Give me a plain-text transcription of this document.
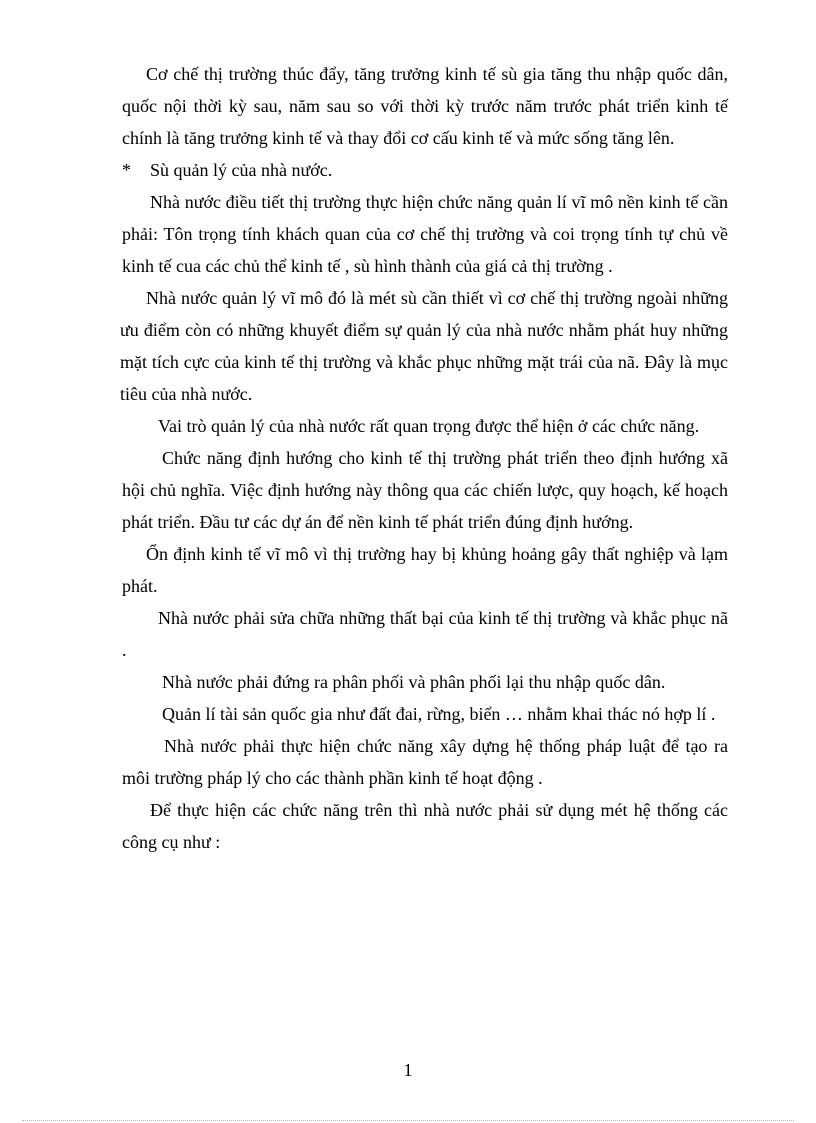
Cơ chế thị trường thúc đẩy, tăng trưởng kinh tế sù gia tăng thu nhập quốc dân, quốc nội thời kỳ sau, năm sau so với thời kỳ trước năm trước phát triển kinh tế chính là tăng trưởng kinh tế và thay đổi cơ cấu kinh tế và mức sống tăng lên.

*	Sù quản lý của nhà nước.

Nhà nước điều tiết thị trường thực hiện chức năng quản lí vĩ mô nền kinh tế cần phải: Tôn trọng tính khách quan của cơ chế thị trường và coi trọng tính tự chủ về kinh tế cua các chủ thể kinh tế , sù hình thành của giá cả thị trường .

Nhà nước quản lý vĩ mô đó là mét sù cần thiết vì cơ chế thị trường ngoài những ưu điểm còn có những khuyết điểm sự quản lý của nhà nước nhằm phát huy những mặt tích cực của kinh tế thị trường và khắc phục những mặt trái của nã. Đây là mục tiêu của nhà nước.

Vai trò quản lý của nhà nước rất quan trọng được thể hiện ở các chức năng.

Chức năng định hướng cho kinh tế thị trường phát triển theo định hướng xã hội chủ nghĩa. Việc định hướng này thông qua các chiến lược, quy hoạch, kế hoạch phát triển. Đầu tư các dự án để nền kinh tế phát triển đúng định hướng.

Ổn định kinh tế vĩ mô vì thị trường hay bị khủng hoảng gây thất nghiệp và lạm phát.

Nhà nước phải sửa chữa những thất bại của kinh tế thị trường và khắc phục nã .

Nhà nước phải đứng ra phân phối và phân phối lại thu nhập quốc dân.

Quản lí tài sản quốc gia như đất đai, rừng, biển … nhằm khai thác nó hợp lí .

Nhà nước phải thực hiện chức năng xây dựng hệ thống pháp luật để tạo ra môi trường pháp lý cho các thành phần kinh tế hoạt động .

Để thực hiện các chức năng trên thì nhà nước phải sử dụng mét hệ thống các công cụ như :

1
